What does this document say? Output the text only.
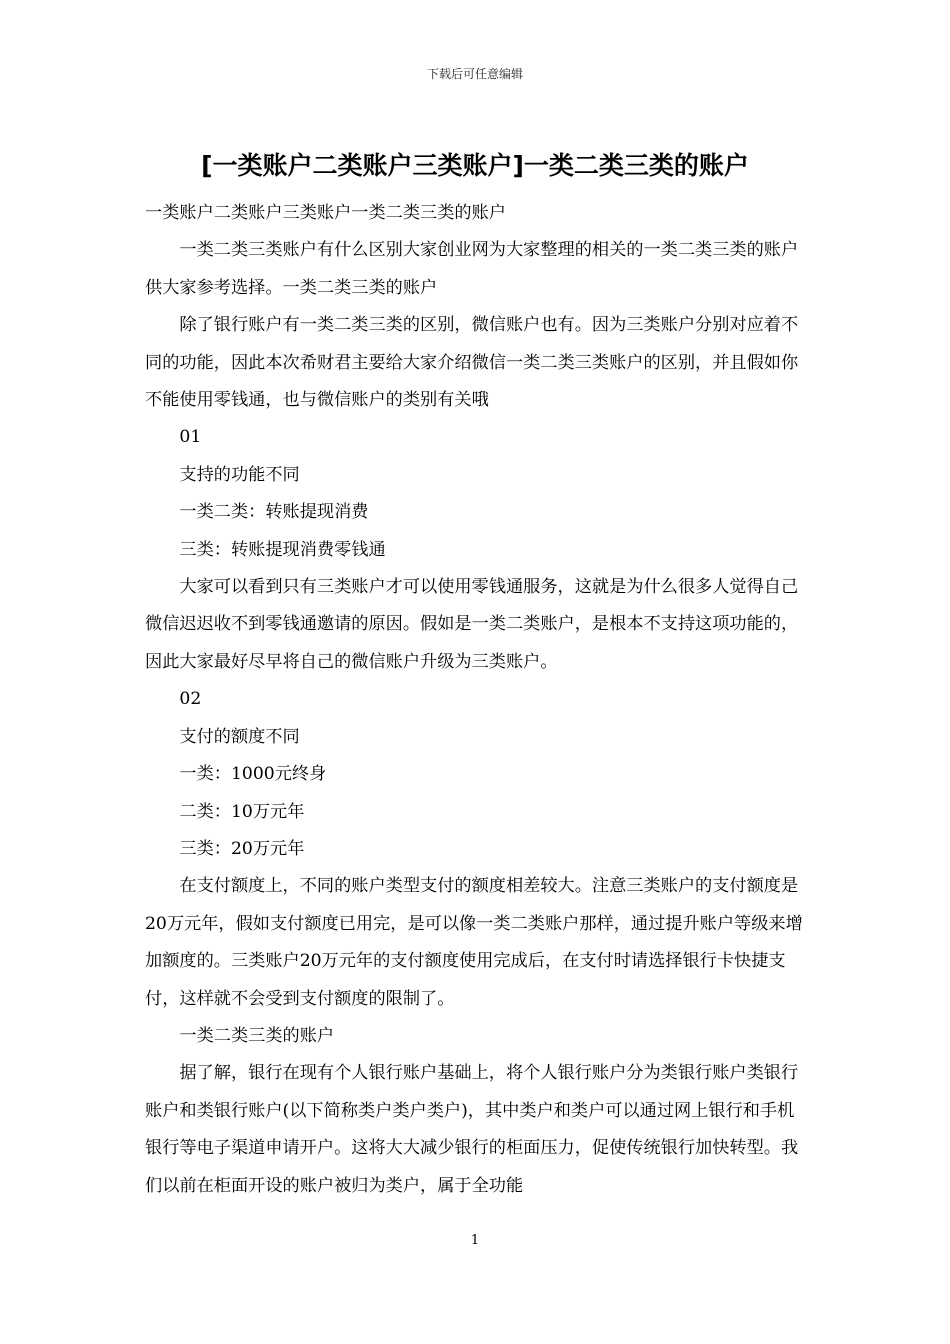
下载后可任意编辑
[一类账户二类账户三类账户]一类二类三类的账户

一类账户二类账户三类账户一类二类三类的账户

一类二类三类账户有什么区别大家创业网为大家整理的相关的一类二类三类的账户供大家参考选择。一类二类三类的账户

除了银行账户有一类二类三类的区别，微信账户也有。因为三类账户分别对应着不同的功能，因此本次希财君主要给大家介绍微信一类二类三类账户的区别，并且假如你不能使用零钱通，也与微信账户的类别有关哦

01

支持的功能不同

一类二类：转账提现消费

三类：转账提现消费零钱通

大家可以看到只有三类账户才可以使用零钱通服务，这就是为什么很多人觉得自己微信迟迟收不到零钱通邀请的原因。假如是一类二类账户，是根本不支持这项功能的，因此大家最好尽早将自己的微信账户升级为三类账户。

02

支付的额度不同

一类：1000元终身

二类：10万元年

三类：20万元年

在支付额度上，不同的账户类型支付的额度相差较大。注意三类账户的支付额度是20万元年，假如支付额度已用完，是可以像一类二类账户那样，通过提升账户等级来增加额度的。三类账户20万元年的支付额度使用完成后，在支付时请选择银行卡快捷支付，这样就不会受到支付额度的限制了。

一类二类三类的账户

据了解，银行在现有个人银行账户基础上，将个人银行账户分为类银行账户类银行账户和类银行账户(以下简称类户类户类户)，其中类户和类户可以通过网上银行和手机银行等电子渠道申请开户。这将大大减少银行的柜面压力，促使传统银行加快转型。我们以前在柜面开设的账户被归为类户，属于全功能

1
